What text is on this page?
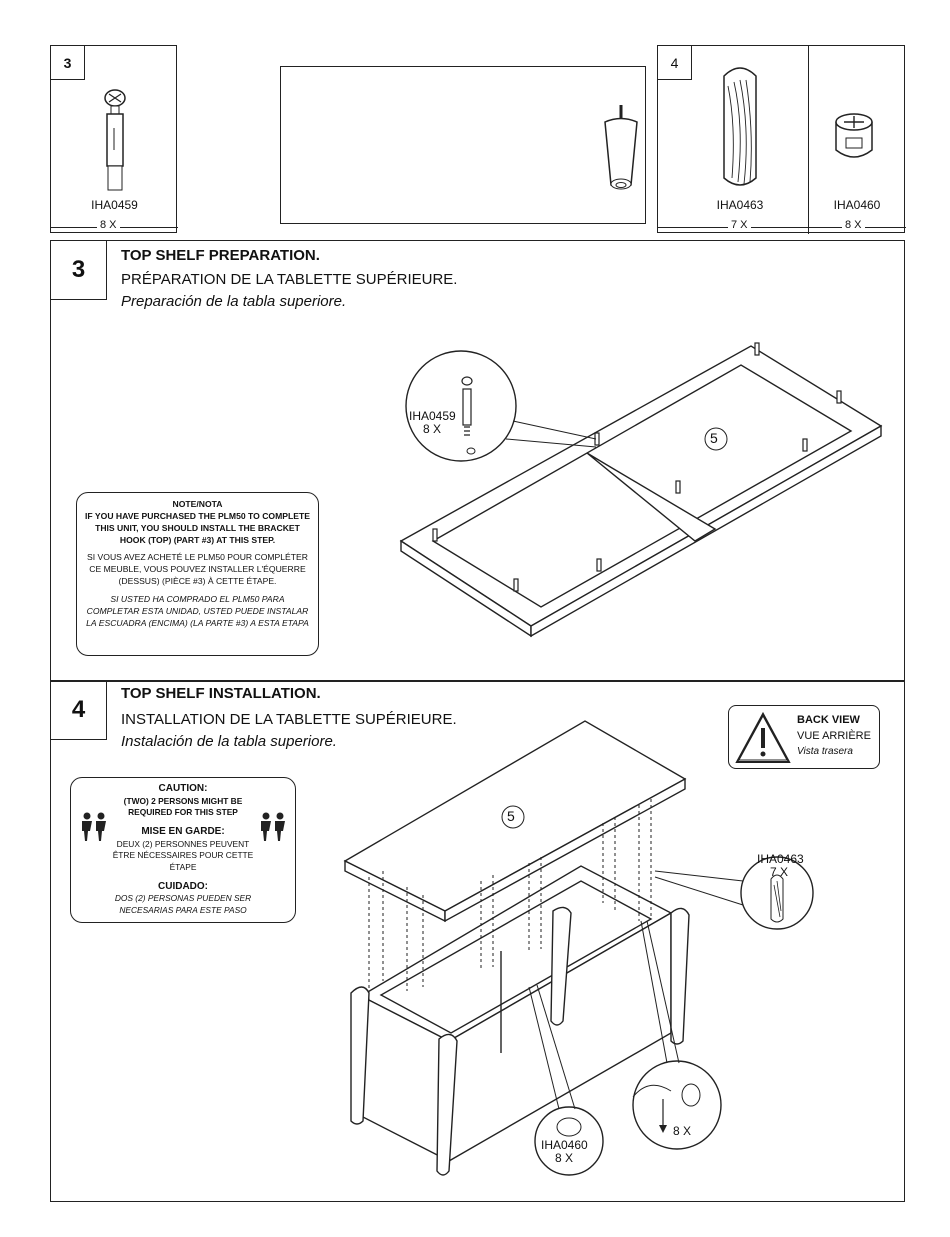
3
IHA0459
8 X
4
IHA0463	IHA0460
7 X	8 X
3
TOP SHELF PREPARATION.
PRÉPARATION DE LA TABLETTE SUPÉRIEURE.
Preparación de la tabla superiore.
5
IHA0459
8 X

NOTE/NOTA

IF YOU HAVE PURCHASED THE PLM50 TO COMPLETE THIS UNIT, YOU SHOULD INSTALL THE BRACKET HOOK (TOP) (PART #3) AT THIS STEP.

SI VOUS AVEZ ACHETÉ LE PLM50 POUR COMPLÉTER CE MEUBLE, VOUS POUVEZ INSTALLER L'ÉQUERRE (DESSUS) (PIÈCE #3) À CETTE ÉTAPE.

SI USTED HA COMPRADO EL PLM50 PARA COMPLETAR ESTA UNIDAD, USTED PUEDE INSTALAR LA ESCUADRA (ENCIMA) (LA PARTE #3) A ESTA ETAPA

4
TOP SHELF INSTALLATION.
INSTALLATION DE LA TABLETTE SUPÉRIEURE.
Instalación de la tabla superiore.
BACK VIEW
VUE ARRIÈRE
Vista trasera
CAUTION:
(TWO) 2 PERSONS MIGHT BE REQUIRED FOR THIS STEP
MISE EN GARDE:
DEUX (2) PERSONNES PEUVENT ÊTRE NÉCESSAIRES POUR CETTE ÉTAPE
CUIDADO:
DOS (2) PERSONAS PUEDEN SER NECESARIAS PARA ESTE PASO
5
IHA0463
7 X
IHA0460
8 X
8 X
